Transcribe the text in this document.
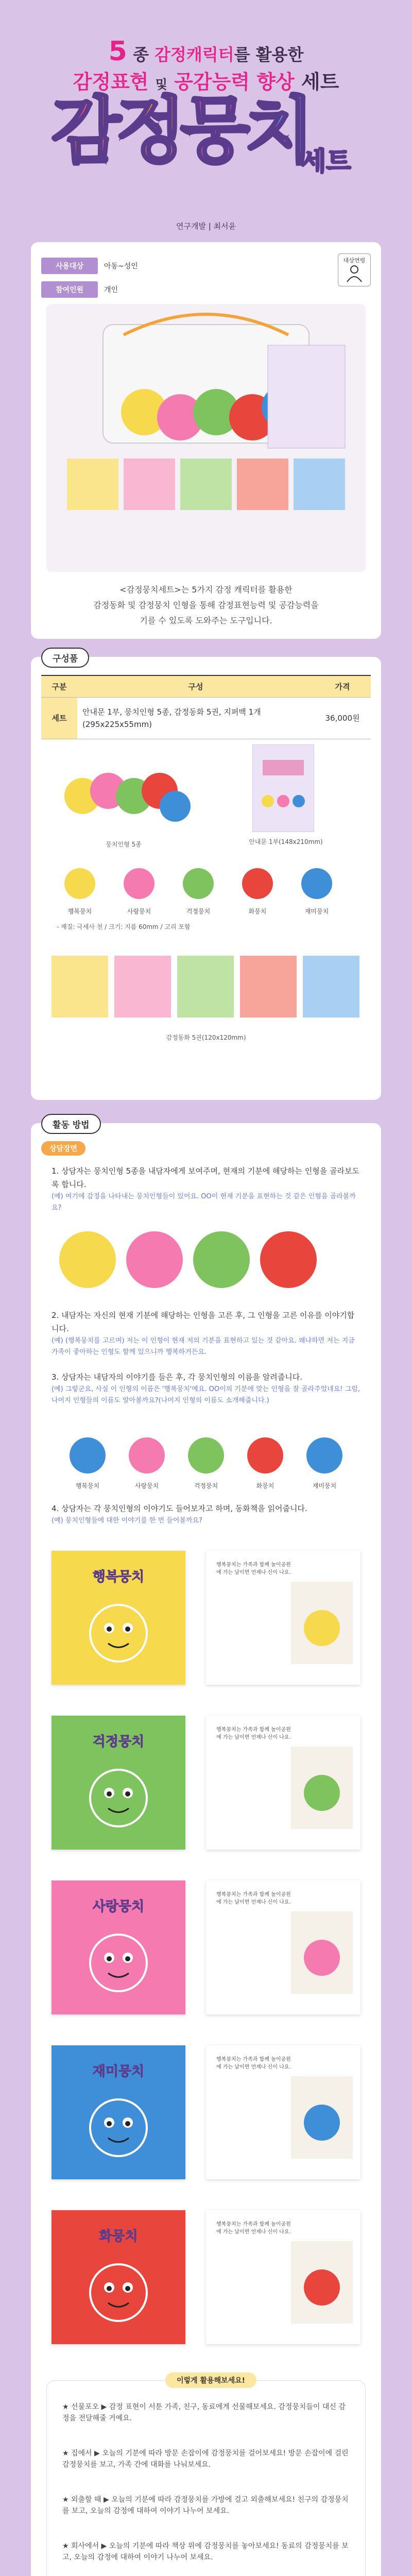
5 종 감정캐릭터를 활용한
감정표현 및 공감능력 향상 세트
감
정
뭉
치
세트
연구개발 | 최서윤
사용대상	아동~성인
참여인원	개인
대상연령
<감정뭉치세트>는 5가지 감정 캐릭터를 활용한
감정동화 및 감정뭉치 인형을 통해 감정표현능력 및 공감능력을
기를 수 있도록 도와주는 도구입니다.
구성품
구분	구성	가격
세트	안내문 1부, 뭉치인형 5종, 감정동화 5권, 지퍼백 1개(295x225x55mm)	36,000원
뭉치인형 5종	안내문 1부(148x210mm)
행복뭉치	사랑뭉치	걱정뭉치	화뭉치	재미뭉치
- 재질: 극세사 천 / 크기: 지름 60mm / 고리 포함
감정동화 5권(120x120mm)
활동 방법
상담장면
1. 상담자는 뭉치인형 5종을 내담자에게 보여주며, 현재의 기분에 해당하는 인형을 골라보도록 합니다.
(예) 여기에 감정을 나타내는 뭉치인형들이 있어요. OO이 현재 기분을 표현하는 것 같은 인형을 골라볼까요?
2. 내담자는 자신의 현재 기분에 해당하는 인형을 고른 후, 그 인형을 고른 이유를 이야기합니다.
(예) (행복뭉치를 고르며) 저는 이 인형이 현재 저의 기분을 표현하고 있는 것 같아요. 왜냐하면 저는 지금 가족이 좋아하는 인형도 함께 있으니까 행복하거든요.
3. 상담자는 내담자의 이야기를 들은 후, 각 뭉치인형의 이름을 알려줍니다.
(예) 그렇군요, 사실 이 인형의 이름은 '행복뭉치'예요. OO이의 기분에 맞는 인형을 잘 골라주었네요! 그럼, 나머지 인형들의 이름도 알아볼까요?(나머지 인형의 이름도 소개해줍니다.)
행복뭉치	사랑뭉치	걱정뭉치	화뭉치	재미뭉치
4. 상담자는 각 뭉치인형의 이야기도 들어보자고 하며, 동화책을 읽어줍니다.
(예) 뭉치인형들에 대한 이야기를 한 번 들어볼까요?
행복뭉치
행복뭉치는 가족과 함께 놀이공원에 가는 날이면 언제나 신이 나요.
걱정뭉치
행복뭉치는 가족과 함께 놀이공원에 가는 날이면 언제나 신이 나요.
사랑뭉치
행복뭉치는 가족과 함께 놀이공원에 가는 날이면 언제나 신이 나요.
재미뭉치
행복뭉치는 가족과 함께 놀이공원에 가는 날이면 언제나 신이 나요.
화뭉치
행복뭉치는 가족과 함께 놀이공원에 가는 날이면 언제나 신이 나요.
이렇게 활용해보세요!
★ 선물포오 ▶ 감정 표현이 서툰 가족, 친구, 동료에게 선물해보세요. 감정뭉치들이 대신 감정을 전달해줄 거예요.
★ 집에서 ▶ 오늘의 기분에 따라 방문 손잡이에 감정뭉치를 걸어보세요! 방문 손잡이에 걸린 감정뭉치를 보고, 가족 간에 대화를 나눠보세요.
★ 외출할 때 ▶ 오늘의 기분에 따라 감정뭉치를 가방에 걸고 외출해보세요! 친구의 감정뭉치를 보고, 오늘의 감정에 대하여 이야기 나누어 보세요.
★ 회사에서 ▶ 오늘의 기분에 따라 책상 위에 감정뭉치를 놓아보세요! 동료의 감정뭉치를 보고, 오늘의 감정에 대하여 이야기 나누어 보세요.
